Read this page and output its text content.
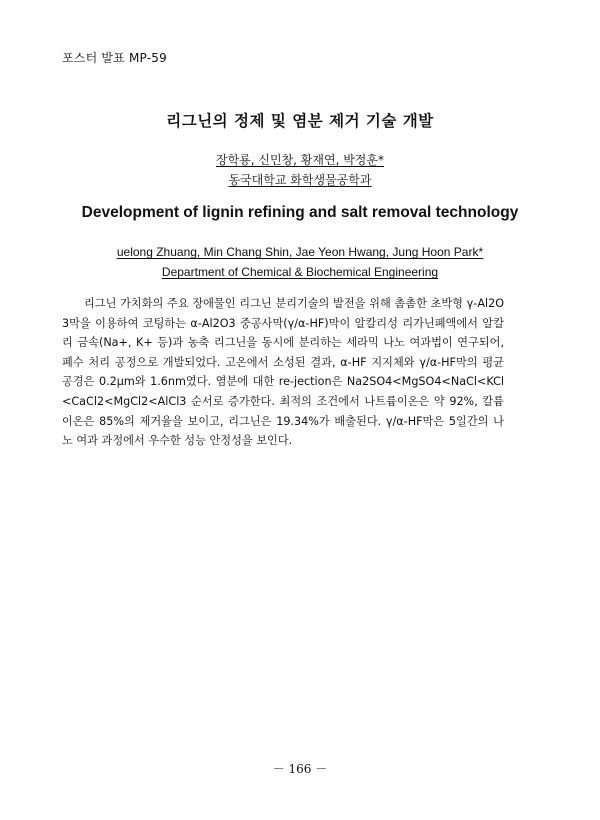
포스터 발표 MP-59
리그닌의 정제 및 염분 제거 기술 개발
장학룡, 신민창, 황재연, 박정훈*
동국대학교 화학생물공학과
Development of lignin refining and salt removal technology
uelong Zhuang, Min Chang Shin, Jae Yeon Hwang, Jung Hoon Park*
Department of Chemical & Biochemical Engineering

리그닌 가치화의 주요 장애물인 리그닌 분리기술의 발전을 위해 촘촘한 초박형 γ-Al2O3막을 이용하여 코팅하는 α-Al2O3 중공사막(γ/α-HF)막이 알칼리성 리가닌폐액에서 알칼리 금속(Na+, K+ 등)과 농축 리그닌을 동시에 분리하는 세라믹 나노 여과법이 연구되어, 폐수 처리 공정으로 개발되었다. 고온에서 소성된 결과, α-HF 지지체와 γ/α-HF막의 평균 공경은 0.2μm와 1.6nm였다. 염분에 대한 re-jection은 Na2SO4<MgSO4<NaCl<KCl<CaCl2<MgCl2<AlCl3 순서로 증가한다. 최적의 조건에서 나트륨이온은 약 92%, 칼륨이온은 85%의 제거율을 보이고, 리그닌은 19.34%가 배출된다. γ/α-HF막은 5일간의 나노 여과 과정에서 우수한 성능 안정성을 보인다.

－ 166 －
